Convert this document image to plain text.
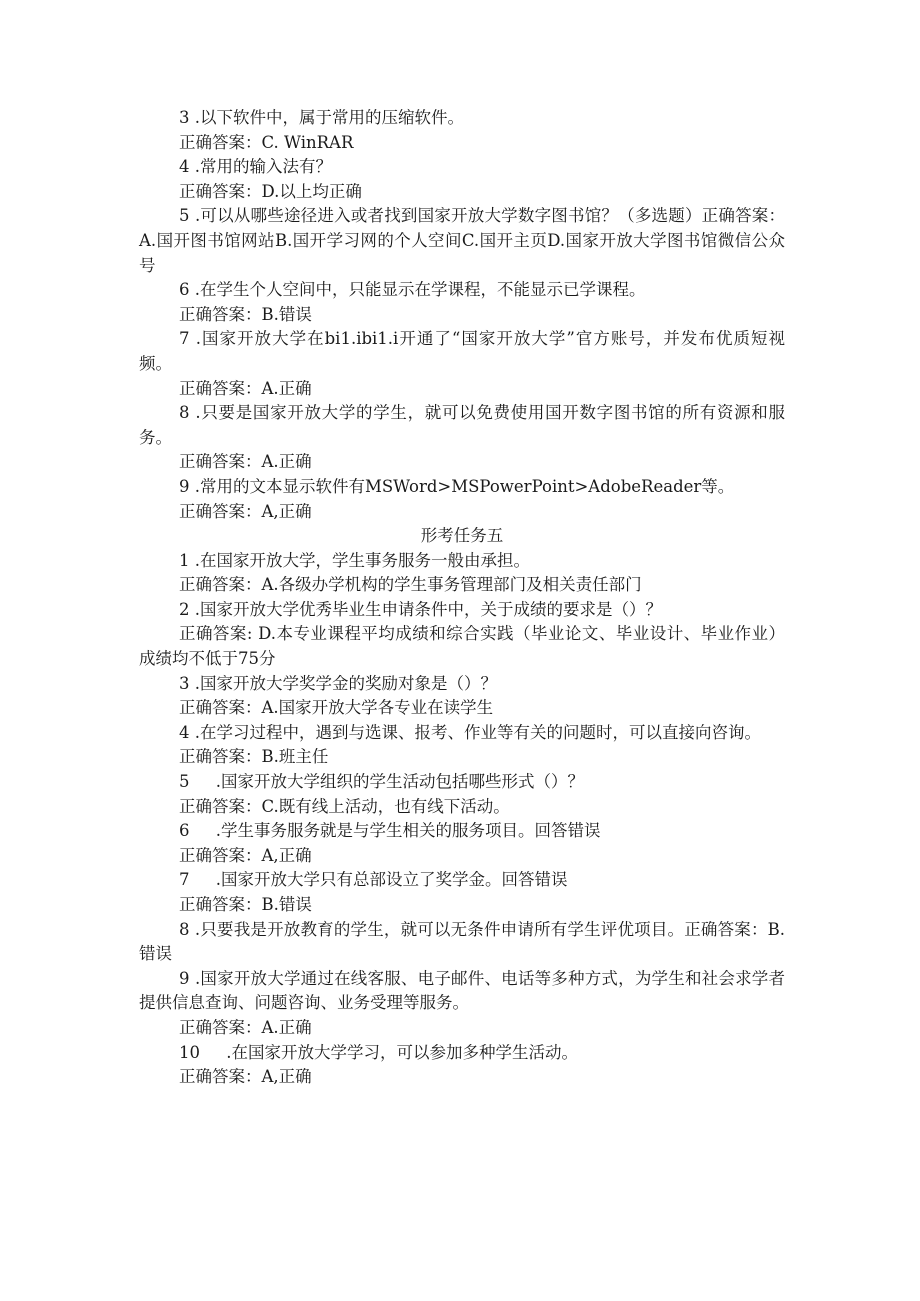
3 .以下软件中，属于常用的压缩软件。

正确答案：C. WinRAR

4 .常用的输入法有？

正确答案：D.以上均正确

5 .可以从哪些途径进入或者找到国家开放大学数字图书馆？（多选题）正确答案：A.国开图书馆网站B.国开学习网的个人空间C.国开主页D.国家开放大学图书馆微信公众号

6 .在学生个人空间中，只能显示在学课程，不能显示已学课程。

正确答案：B.错误

7 .国家开放大学在bi1.ibi1.i开通了“国家开放大学”官方账号，并发布优质短视频。

正确答案：A.正确

8 .只要是国家开放大学的学生，就可以免费使用国开数字图书馆的所有资源和服务。

正确答案：A.正确

9 .常用的文本显示软件有MSWord>MSPowerPoint>AdobeReader等。

正确答案：A,正确

形考任务五

1 .在国家开放大学，学生事务服务一般由承担。

正确答案：A.各级办学机构的学生事务管理部门及相关责任部门

2 .国家开放大学优秀毕业生申请条件中，关于成绩的要求是（）？

正确答案: D.本专业课程平均成绩和综合实践（毕业论文、毕业设计、毕业作业）成绩均不低于75分

3 .国家开放大学奖学金的奖励对象是（）？

正确答案：A.国家开放大学各专业在读学生

4 .在学习过程中，遇到与选课、报考、作业等有关的问题时，可以直接向咨询。

正确答案：B.班主任

5     .国家开放大学组织的学生活动包括哪些形式（）？

正确答案：C.既有线上活动，也有线下活动。

6     .学生事务服务就是与学生相关的服务项目。回答错误

正确答案：A,正确

7     .国家开放大学只有总部设立了奖学金。回答错误

正确答案：B.错误

8 .只要我是开放教育的学生，就可以无条件申请所有学生评优项目。正确答案：B.错误

9 .国家开放大学通过在线客服、电子邮件、电话等多种方式，为学生和社会求学者提供信息查询、问题咨询、业务受理等服务。

正确答案：A.正确

10     .在国家开放大学学习，可以参加多种学生活动。

正确答案：A,正确
